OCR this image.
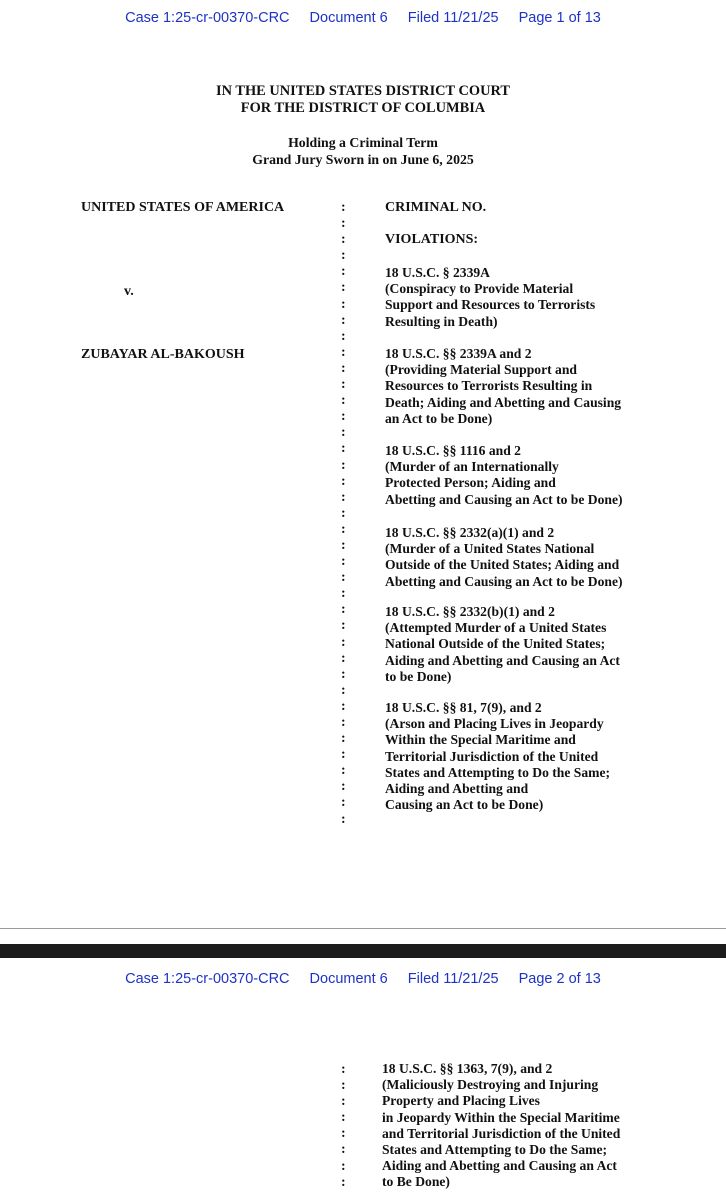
Case 1:25-cr-00370-CRC Document 6 Filed 11/21/25 Page 1 of 13
IN THE UNITED STATES DISTRICT COURT
FOR THE DISTRICT OF COLUMBIA
Holding a Criminal Term
Grand Jury Sworn in on June 6, 2025
UNITED STATES OF AMERICA
v.
ZUBAYAR AL-BAKOUSH
:
:
:
:
:
:
:
:
:
:
:
:
:
:
:
:
:
:
:
:
:
:
:
:
:
:
:
:
:
:
:
:
:
:
:
:
:
:
:
CRIMINAL NO.
VIOLATIONS:
18 U.S.C. § 2339A
(Conspiracy to Provide Material
Support and Resources to Terrorists
Resulting in Death)
18 U.S.C. §§ 2339A and 2
(Providing Material Support and
Resources to Terrorists Resulting in
Death; Aiding and Abetting and Causing
an Act to be Done)
18 U.S.C. §§ 1116 and 2
(Murder of an Internationally
Protected Person; Aiding and
Abetting and Causing an Act to be Done)
18 U.S.C. §§ 2332(a)(1) and 2
(Murder of a United States National
Outside of the United States; Aiding and
Abetting and Causing an Act to be Done)
18 U.S.C. §§ 2332(b)(1) and 2
(Attempted Murder of a United States
National Outside of the United States;
Aiding and Abetting and Causing an Act
to be Done)
18 U.S.C. §§ 81, 7(9), and 2
(Arson and Placing Lives in Jeopardy
Within the Special Maritime and
Territorial Jurisdiction of the United
States and Attempting to Do the Same;
Aiding and Abetting and
Causing an Act to be Done)
Case 1:25-cr-00370-CRC Document 6 Filed 11/21/25 Page 2 of 13
:
:
:
:
:
:
:
:
18 U.S.C. §§ 1363, 7(9), and 2
(Maliciously Destroying and Injuring
Property and Placing Lives
in Jeopardy Within the Special Maritime
and Territorial Jurisdiction of the United
States and Attempting to Do the Same;
Aiding and Abetting and Causing an Act
to Be Done)
